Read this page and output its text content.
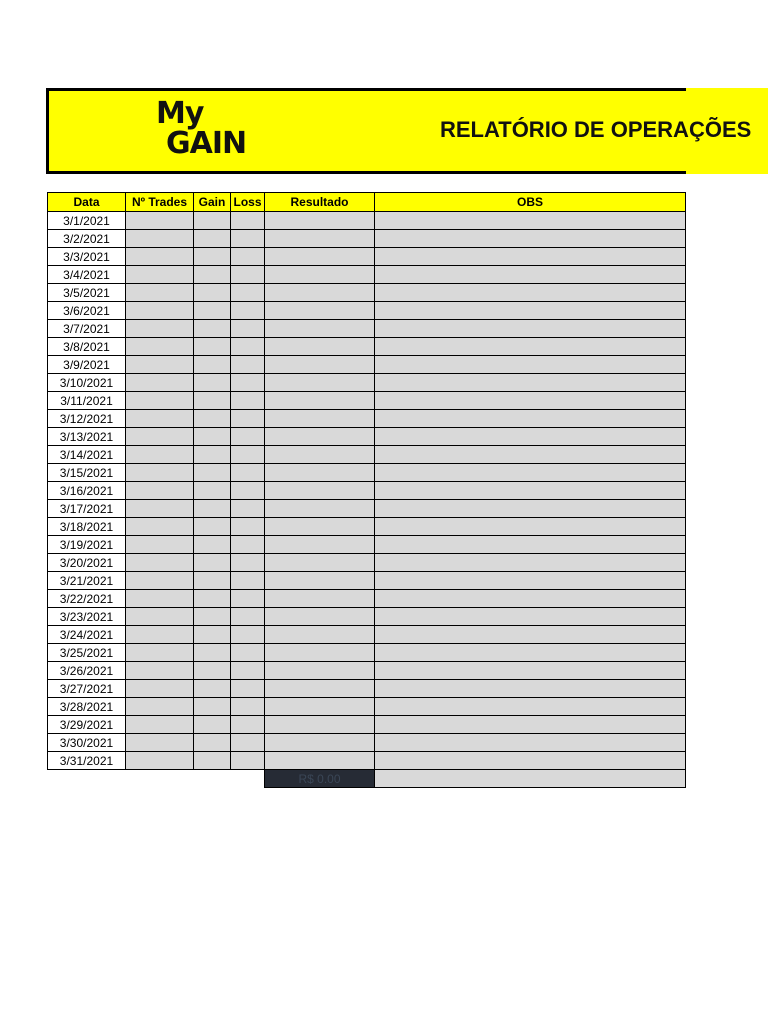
My
GAIN	RELATÓRIO DE OPERAÇÕES
Data	Nº Trades	Gain	Loss	Resultado	OBS
3/1/2021					
3/2/2021					
3/3/2021					
3/4/2021					
3/5/2021					
3/6/2021					
3/7/2021					
3/8/2021					
3/9/2021					
3/10/2021					
3/11/2021					
3/12/2021					
3/13/2021					
3/14/2021					
3/15/2021					
3/16/2021					
3/17/2021					
3/18/2021					
3/19/2021					
3/20/2021					
3/21/2021					
3/22/2021					
3/23/2021					
3/24/2021					
3/25/2021					
3/26/2021					
3/27/2021					
3/28/2021					
3/29/2021					
3/30/2021					
3/31/2021					
				R$ 0.00	
